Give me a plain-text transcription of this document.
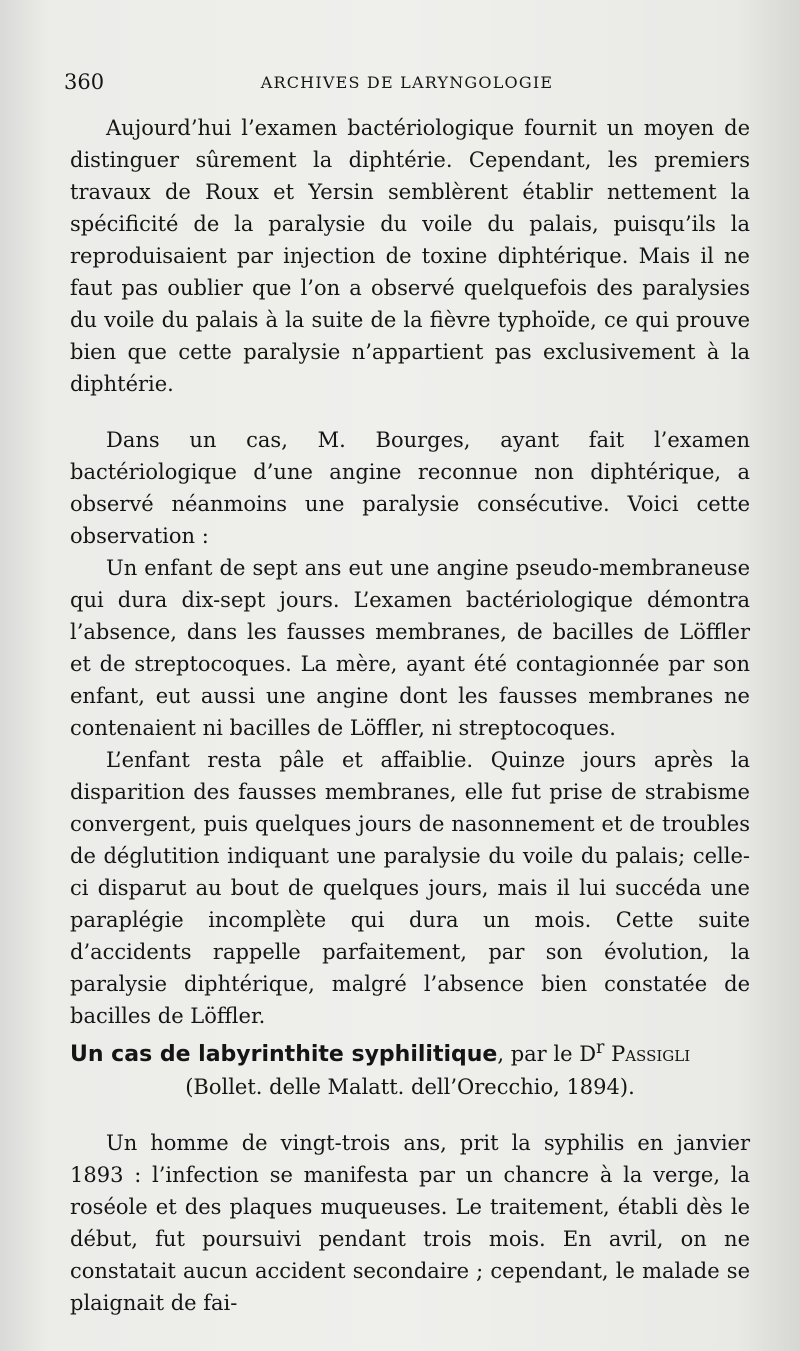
360	ARCHIVES DE LARYNGOLOGIE

Aujourd’hui l’examen bactériologique fournit un moyen de distinguer sûrement la diphtérie. Cependant, les premiers travaux de Roux et Yersin semblèrent établir nettement la spécificité de la paralysie du voile du palais, puisqu’ils la reproduisaient par injection de toxine diphtérique. Mais il ne faut pas oublier que l’on a observé quelquefois des paralysies du voile du palais à la suite de la fièvre typhoïde, ce qui prouve bien que cette paralysie n’appartient pas exclusivement à la diphtérie.

Dans un cas, M. Bourges, ayant fait l’examen bactériologique d’une angine reconnue non diphtérique, a observé néanmoins une paralysie consécutive. Voici cette observation :

Un enfant de sept ans eut une angine pseudo-membraneuse qui dura dix-sept jours. L’examen bactériologique démontra l’absence, dans les fausses membranes, de bacilles de Löffler et de streptocoques. La mère, ayant été contagionnée par son enfant, eut aussi une angine dont les fausses membranes ne contenaient ni bacilles de Löffler, ni streptocoques.

L’enfant resta pâle et affaiblie. Quinze jours après la disparition des fausses membranes, elle fut prise de strabisme convergent, puis quelques jours de nasonnement et de troubles de déglutition indiquant une paralysie du voile du palais; celle-ci disparut au bout de quelques jours, mais il lui succéda une paraplégie incomplète qui dura un mois. Cette suite d’accidents rappelle parfaitement, par son évolution, la paralysie diphtérique, malgré l’absence bien constatée de bacilles de Löffler.

Un cas de labyrinthite syphilitique, par le $D^r$ Passigli

(Bollet. delle Malatt. dell’Orecchio, 1894).

Un homme de vingt-trois ans, prit la syphilis en janvier 1893 : l’infection se manifesta par un chancre à la verge, la roséole et des plaques muqueuses. Le traitement, établi dès le début, fut poursuivi pendant trois mois. En avril, on ne constatait aucun accident secondaire ; cependant, le malade se plaignait de fai-
